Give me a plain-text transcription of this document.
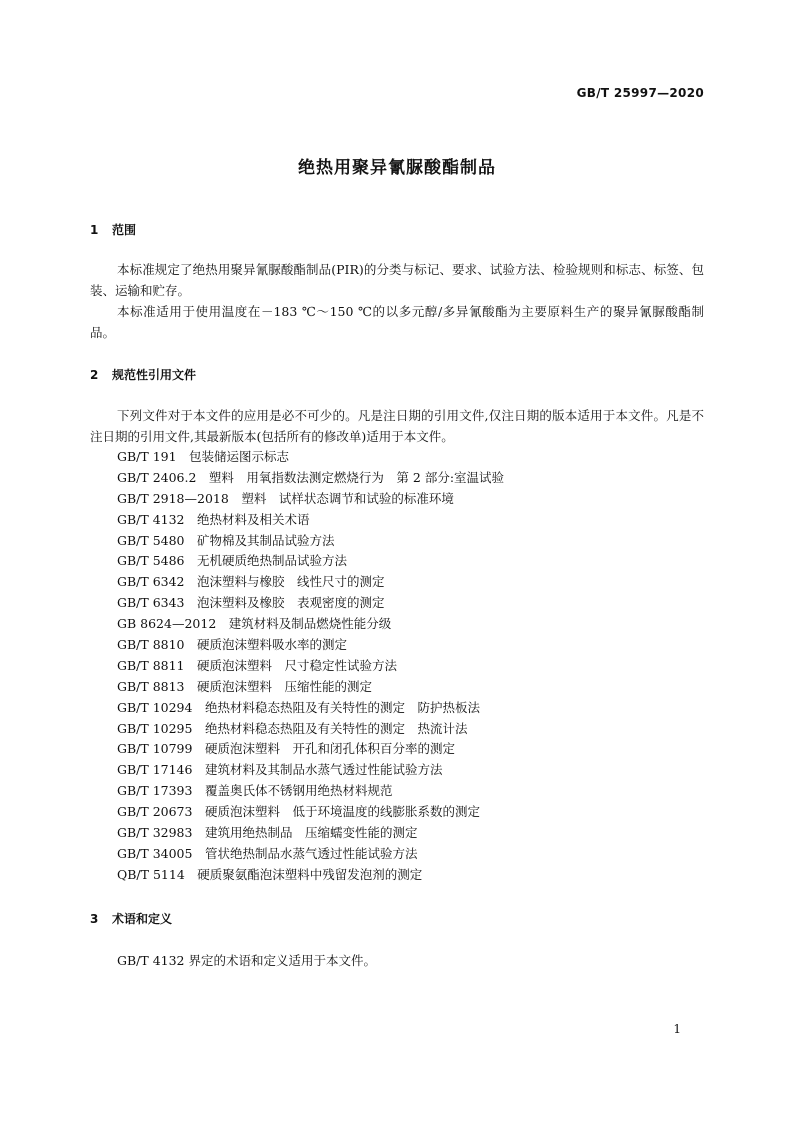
GB/T 25997—2020
绝热用聚异氰脲酸酯制品
1 范围

本标准规定了绝热用聚异氰脲酸酯制品(PIR)的分类与标记、要求、试验方法、检验规则和标志、标签、包装、运输和贮存。

本标准适用于使用温度在－183 ℃～150 ℃的以多元醇/多异氰酸酯为主要原料生产的聚异氰脲酸酯制品。

2 规范性引用文件

下列文件对于本文件的应用是必不可少的。凡是注日期的引用文件,仅注日期的版本适用于本文件。凡是不注日期的引用文件,其最新版本(包括所有的修改单)适用于本文件。

GB/T 191　包装储运图示标志
GB/T 2406.2　塑料　用氧指数法测定燃烧行为　第 2 部分:室温试验
GB/T 2918—2018　塑料　试样状态调节和试验的标准环境
GB/T 4132　绝热材料及相关术语
GB/T 5480　矿物棉及其制品试验方法
GB/T 5486　无机硬质绝热制品试验方法
GB/T 6342　泡沫塑料与橡胶　线性尺寸的测定
GB/T 6343　泡沫塑料及橡胶　表观密度的测定
GB 8624—2012　建筑材料及制品燃烧性能分级
GB/T 8810　硬质泡沫塑料吸水率的测定
GB/T 8811　硬质泡沫塑料　尺寸稳定性试验方法
GB/T 8813　硬质泡沫塑料　压缩性能的测定
GB/T 10294　绝热材料稳态热阻及有关特性的测定　防护热板法
GB/T 10295　绝热材料稳态热阻及有关特性的测定　热流计法
GB/T 10799　硬质泡沫塑料　开孔和闭孔体积百分率的测定
GB/T 17146　建筑材料及其制品水蒸气透过性能试验方法
GB/T 17393　覆盖奥氏体不锈钢用绝热材料规范
GB/T 20673　硬质泡沫塑料　低于环境温度的线膨胀系数的测定
GB/T 32983　建筑用绝热制品　压缩蠕变性能的测定
GB/T 34005　管状绝热制品水蒸气透过性能试验方法
QB/T 5114　硬质聚氨酯泡沫塑料中残留发泡剂的测定
3 术语和定义

GB/T 4132 界定的术语和定义适用于本文件。

1
